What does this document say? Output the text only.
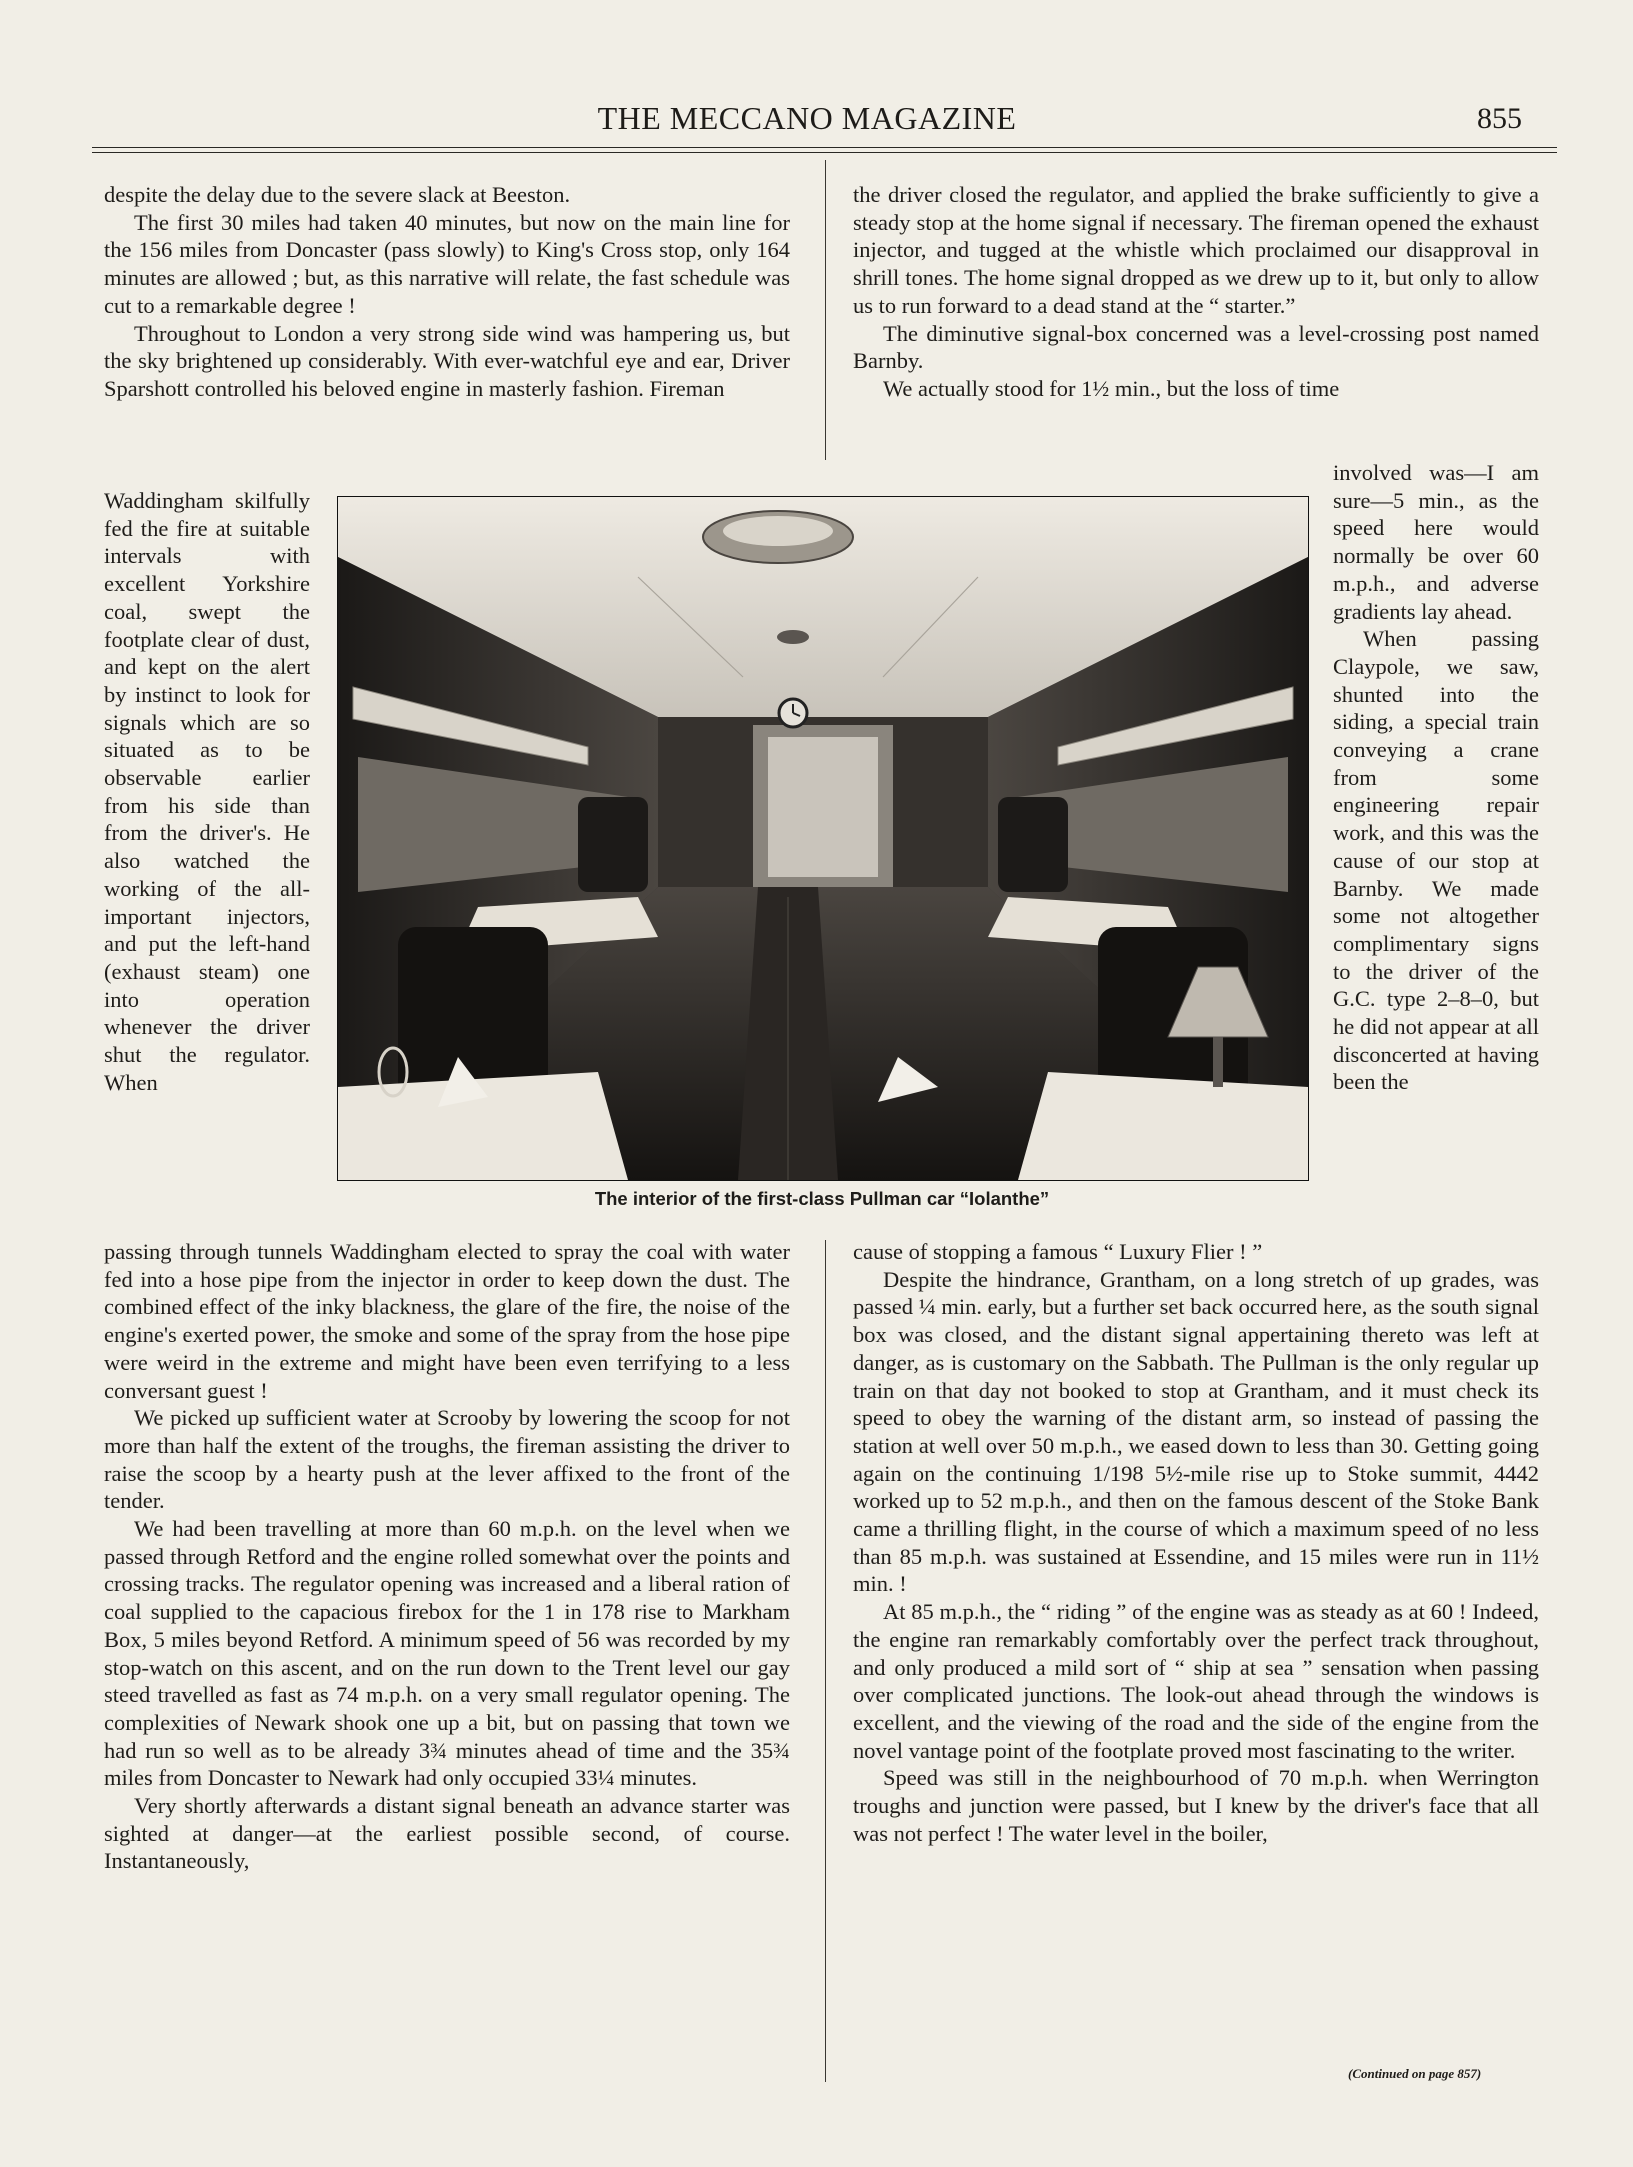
THE MECCANO MAGAZINE	855

despite the delay due to the severe slack at Beeston.

The first 30 miles had taken 40 minutes, but now on the main line for the 156 miles from Doncaster (pass slowly) to King's Cross stop, only 164 minutes are allowed ; but, as this narrative will relate, the fast schedule was cut to a remarkable degree !

Throughout to London a very strong side wind was hampering us, but the sky brightened up considerably. With ever-watchful eye and ear, Driver Sparshott controlled his beloved engine in masterly fashion. Fireman

Waddingham skilfully fed the fire at suitable intervals with excellent Yorkshire coal, swept the footplate clear of dust, and kept on the alert by instinct to look for signals which are so situated as to be observable earlier from his side than from the driver's. He also watched the working of the all-important injectors, and put the left-hand (exhaust steam) one into operation whenever the driver shut the regulator. When

passing through tunnels Waddingham elected to spray the coal with water fed into a hose pipe from the injector in order to keep down the dust. The combined effect of the inky blackness, the glare of the fire, the noise of the engine's exerted power, the smoke and some of the spray from the hose pipe were weird in the extreme and might have been even terrifying to a less conversant guest !

We picked up sufficient water at Scrooby by lowering the scoop for not more than half the extent of the troughs, the fireman assisting the driver to raise the scoop by a hearty push at the lever affixed to the front of the tender.

We had been travelling at more than 60 m.p.h. on the level when we passed through Retford and the engine rolled somewhat over the points and crossing tracks. The regulator opening was increased and a liberal ration of coal supplied to the capacious firebox for the 1 in 178 rise to Markham Box, 5 miles beyond Retford. A minimum speed of 56 was recorded by my stop-watch on this ascent, and on the run down to the Trent level our gay steed travelled as fast as 74 m.p.h. on a very small regulator opening. The complexities of Newark shook one up a bit, but on passing that town we had run so well as to be already 3¾ minutes ahead of time and the 35¾ miles from Doncaster to Newark had only occupied 33¼ minutes.

Very shortly afterwards a distant signal beneath an advance starter was sighted at danger—at the earliest possible second, of course. Instantaneously,

the driver closed the regulator, and applied the brake sufficiently to give a steady stop at the home signal if necessary. The fireman opened the exhaust injector, and tugged at the whistle which proclaimed our disapproval in shrill tones. The home signal dropped as we drew up to it, but only to allow us to run forward to a dead stand at the “ starter.”

The diminutive signal-box concerned was a level-crossing post named Barnby.

We actually stood for 1½ min., but the loss of time

involved was—I am sure—5 min., as the speed here would normally be over 60 m.p.h., and adverse gradients lay ahead.

When passing Claypole, we saw, shunted into the siding, a special train conveying a crane from some engineering repair work, and this was the cause of our stop at Barnby. We made some not altogether complimentary signs to the driver of the G.C. type 2–8–0, but he did not appear at all disconcerted at having been the

cause of stopping a famous “ Luxury Flier ! ”

Despite the hindrance, Grantham, on a long stretch of up grades, was passed ¼ min. early, but a further set back occurred here, as the south signal box was closed, and the distant signal appertaining thereto was left at danger, as is customary on the Sabbath. The Pullman is the only regular up train on that day not booked to stop at Grantham, and it must check its speed to obey the warning of the distant arm, so instead of passing the station at well over 50 m.p.h., we eased down to less than 30. Getting going again on the continuing 1/198 5½-mile rise up to Stoke summit, 4442 worked up to 52 m.p.h., and then on the famous descent of the Stoke Bank came a thrilling flight, in the course of which a maximum speed of no less than 85 m.p.h. was sustained at Essendine, and 15 miles were run in 11½ min. !

At 85 m.p.h., the “ riding ” of the engine was as steady as at 60 ! Indeed, the engine ran remarkably comfortably over the perfect track throughout, and only produced a mild sort of “ ship at sea ” sensation when passing over complicated junctions. The look-out ahead through the windows is excellent, and the viewing of the road and the side of the engine from the novel vantage point of the footplate proved most fascinating to the writer.

Speed was still in the neighbourhood of 70 m.p.h. when Werrington troughs and junction were passed, but I knew by the driver's face that all was not perfect ! The water level in the boiler,

The interior of the first-class Pullman car “Iolanthe”
(Continued on page 857)
